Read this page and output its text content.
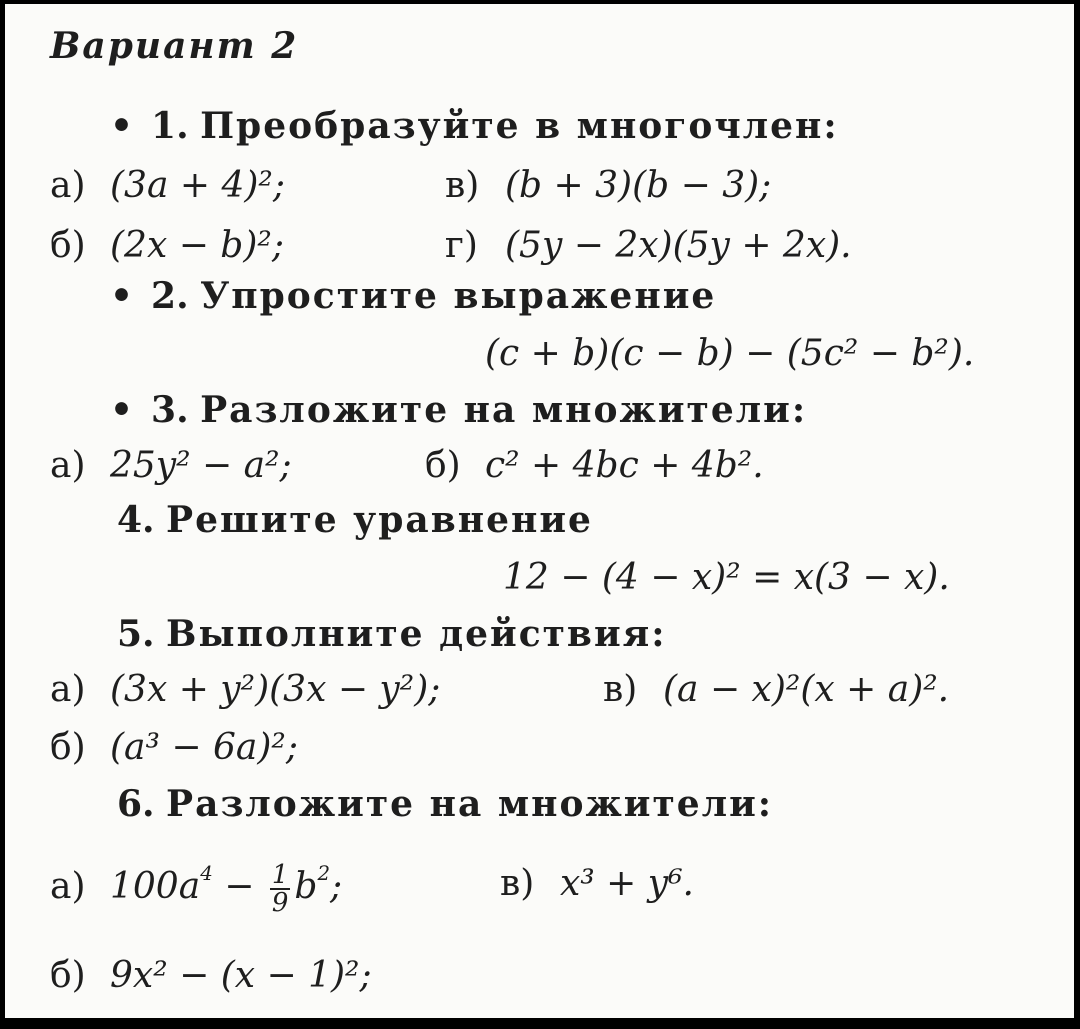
Вариант 2
• 1. Преобразуйте в многочлен:
а) (3a + 4)²;	в) (b + 3)(b − 3);
б) (2x − b)²;	г) (5y − 2x)(5y + 2x).
• 2. Упростите выражение
(c + b)(c − b) − (5c² − b²).
• 3. Разложите на множители:
а) 25y² − a²;	б) c² + 4bc + 4b².
4. Решите уравнение
12 − (4 − x)² = x(3 − x).
5. Выполните действия:
а) (3x + y²)(3x − y²);	в) (a − x)²(x + a)².
б) (a³ − 6a)²;
6. Разложите на множители:
а) $100a^4 - \frac{1}{9} b^2$;	в) x³ + y⁶.
б) 9x² − (x − 1)²;
